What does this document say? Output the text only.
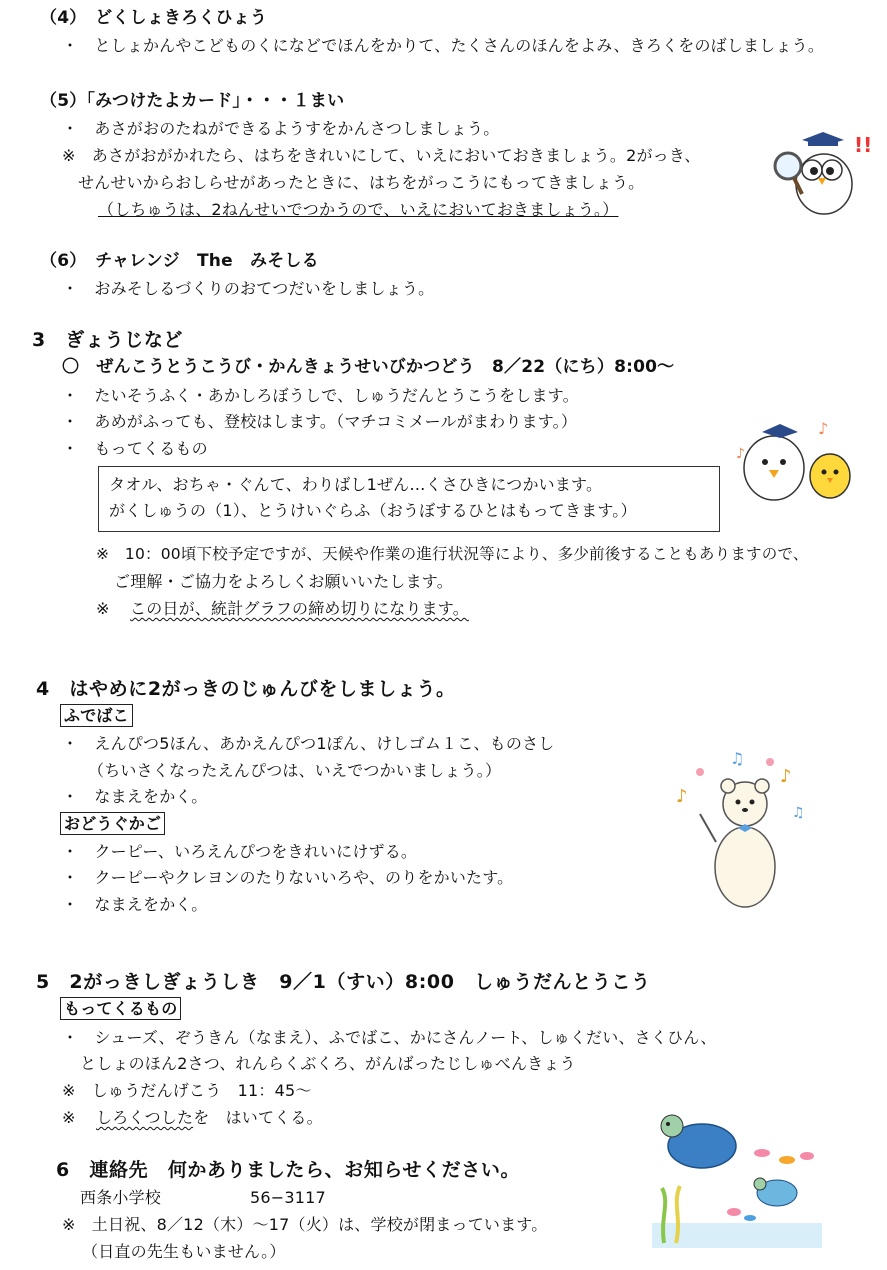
（4）　どくしょきろくひょう
・　としょかんやこどものくになどでほんをかりて、たくさんのほんをよみ、きろくをのばしましょう。
（5）「みつけたよカード」・・・１まい
・　あさがおのたねができるようすをかんさつしましょう。
※　あさがおがかれたら、はちをきれいにして、いえにおいておきましょう。2がっき、
せんせいからおしらせがあったときに、はちをがっこうにもってきましょう。
（しちゅうは、2ねんせいでつかうので、いえにおいておきましょう。）
（6）　チャレンジ　The　みそしる
・　おみそしるづくりのおてつだいをしましょう。
3　ぎょうじなど
〇　ぜんこうとうこうび・かんきょうせいびかつどう　8／22（にち）8:00～
・　たいそうふく・あかしろぼうしで、しゅうだんとうこうをします。
・　あめがふっても、登校はします。（マチコミメールがまわります。）
・　もってくるもの
タオル、おちゃ・ぐんて、わりばし1ぜん…くさひきにつかいます。
がくしゅうの（1）、とうけいぐらふ（おうぼするひとはもってきます。）
※　10：00頃下校予定ですが、天候や作業の進行状況等により、多少前後することもありますので、
ご理解・ご協力をよろしくお願いいたします。
※ この日が、統計グラフの締め切りになります。
4　はやめに2がっきのじゅんびをしましょう。
ふでばこ
・　えんぴつ5ほん、あかえんぴつ1ぽん、けしゴム１こ、ものさし
（ちいさくなったえんぴつは、いえでつかいましょう。）
・　なまえをかく。
おどうぐかご
・　クーピー、いろえんぴつをきれいにけずる。
・　クーピーやクレヨンのたりないいろや、のりをかいたす。
・　なまえをかく。
5　2がっきしぎょうしき　9／1（すい）8:00　しゅうだんとうこう
もってくるもの
・　シューズ、ぞうきん（なまえ）、ふでばこ、かにさんノート、しゅくだい、さくひん、
としょのほん2さつ、れんらくぶくろ、がんばったじしゅべんきょう
※　しゅうだんげこう　11：45～
※ しろくつしたを　はいてくる。
6　連絡先　何かありましたら、お知らせください。
西条小学校	56−3117
※　土日祝、8／12（木）～17（火）は、学校が閉まっています。
（日直の先生もいません。）
!!
♪
♪
♪
♫
♪
♫
